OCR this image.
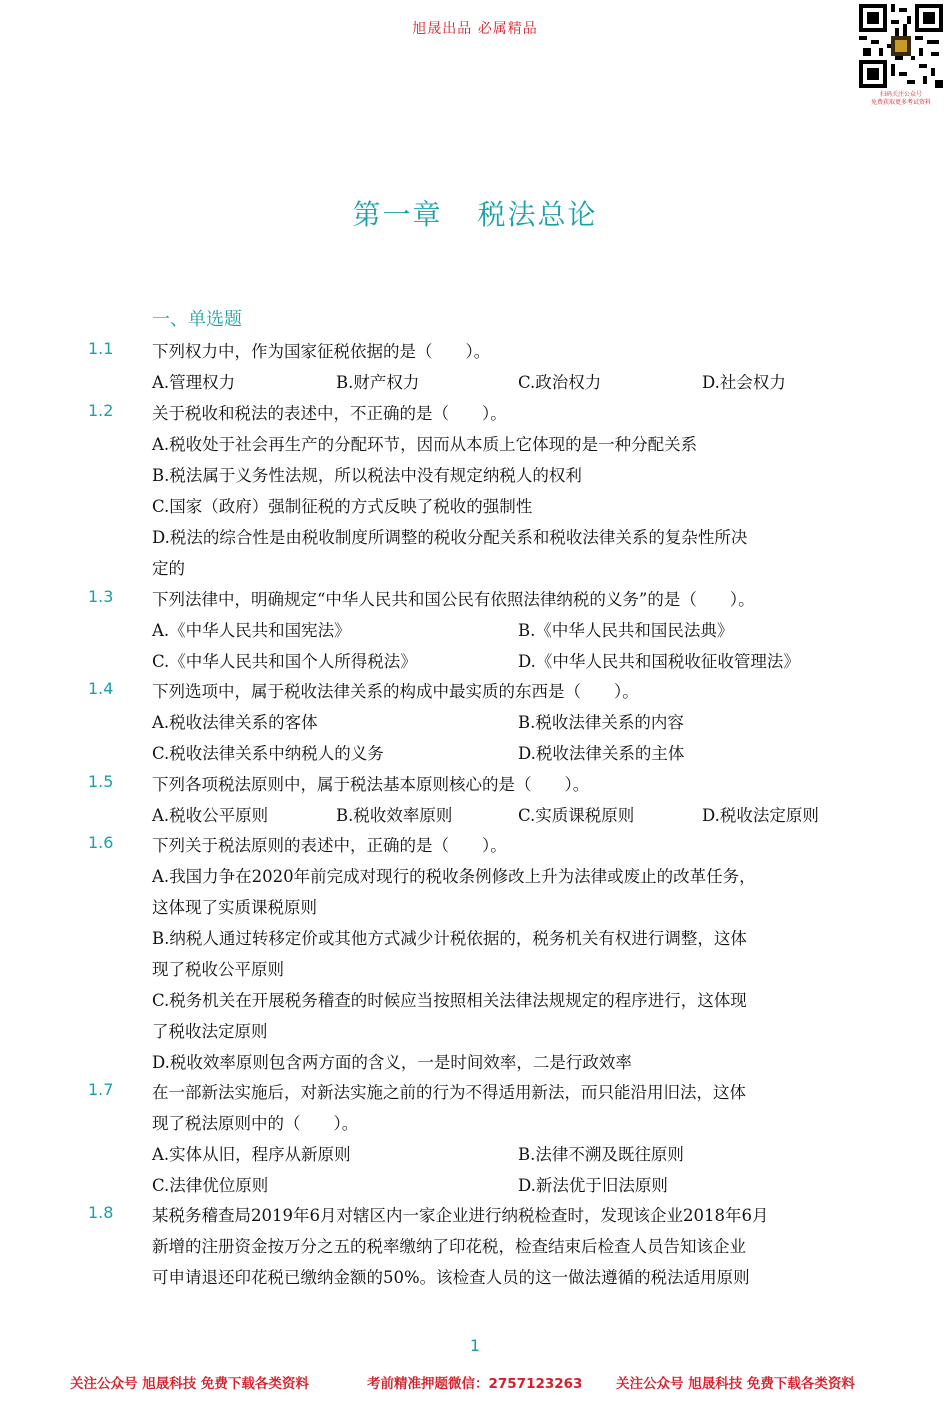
旭晟出品 必属精品
扫码关注公众号
免费获取更多考试资料
第一章 税法总论
一、单选题
1.1 下列权力中，作为国家征税依据的是（　　）。
A.管理权力	B.财产权力	C.政治权力	D.社会权力
1.2 关于税收和税法的表述中，不正确的是（　　）。
A.税收处于社会再生产的分配环节，因而从本质上它体现的是一种分配关系
B.税法属于义务性法规，所以税法中没有规定纳税人的权利
C.国家（政府）强制征税的方式反映了税收的强制性
D.税法的综合性是由税收制度所调整的税收分配关系和税收法律关系的复杂性所决
定的
1.3 下列法律中，明确规定“中华人民共和国公民有依照法律纳税的义务”的是（　　）。
A.《中华人民共和国宪法》	B.《中华人民共和国民法典》
C.《中华人民共和国个人所得税法》	D.《中华人民共和国税收征收管理法》
1.4 下列选项中，属于税收法律关系的构成中最实质的东西是（　　）。
A.税收法律关系的客体	B.税收法律关系的内容
C.税收法律关系中纳税人的义务	D.税收法律关系的主体
1.5 下列各项税法原则中，属于税法基本原则核心的是（　　）。
A.税收公平原则	B.税收效率原则	C.实质课税原则	D.税收法定原则
1.6 下列关于税法原则的表述中，正确的是（　　）。
A.我国力争在2020年前完成对现行的税收条例修改上升为法律或废止的改革任务，
这体现了实质课税原则
B.纳税人通过转移定价或其他方式减少计税依据的，税务机关有权进行调整，这体
现了税收公平原则
C.税务机关在开展税务稽查的时候应当按照相关法律法规规定的程序进行，这体现
了税收法定原则
D.税收效率原则包含两方面的含义，一是时间效率，二是行政效率
1.7 在一部新法实施后，对新法实施之前的行为不得适用新法，而只能沿用旧法，这体
现了税法原则中的（　　）。
A.实体从旧，程序从新原则	B.法律不溯及既往原则
C.法律优位原则	D.新法优于旧法原则
1.8 某税务稽查局2019年6月对辖区内一家企业进行纳税检查时，发现该企业2018年6月
新增的注册资金按万分之五的税率缴纳了印花税，检查结束后检查人员告知该企业
可申请退还印花税已缴纳金额的50%。该检查人员的这一做法遵循的税法适用原则
1
关注公众号 旭晟科技 免费下载各类资料	考前精准押题微信：2757123263 关注公众号 旭晟科技 免费下载各类资料
